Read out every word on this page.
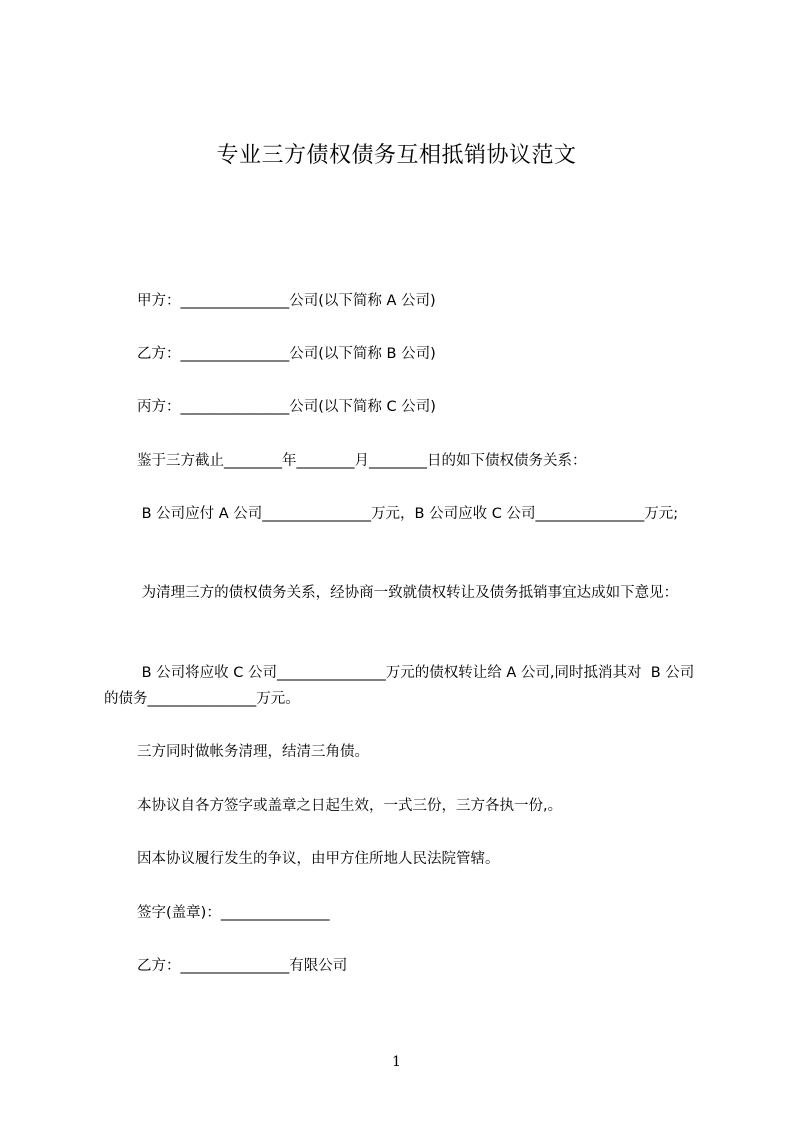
专业三方债权债务互相抵销协议范文
甲方：_______________公司(以下简称 A 公司)
乙方：_______________公司(以下简称 B 公司)
丙方：_______________公司(以下简称 C 公司)
鉴于三方截止________年________月________日的如下债权债务关系：
B 公司应付 A 公司_______________万元，B 公司应收 C 公司_______________万元;
为清理三方的债权债务关系，经协商一致就债权转让及债务抵销事宜达成如下意见：
B 公司将应收 C 公司_______________万元的债权转让给 A 公司,同时抵消其对  B 公司的债务_______________万元。
三方同时做帐务清理，结清三角债。
本协议自各方签字或盖章之日起生效，一式三份，三方各执一份,。
因本协议履行发生的争议，由甲方住所地人民法院管辖。
签字(盖章)：_______________
乙方：_______________有限公司
1
